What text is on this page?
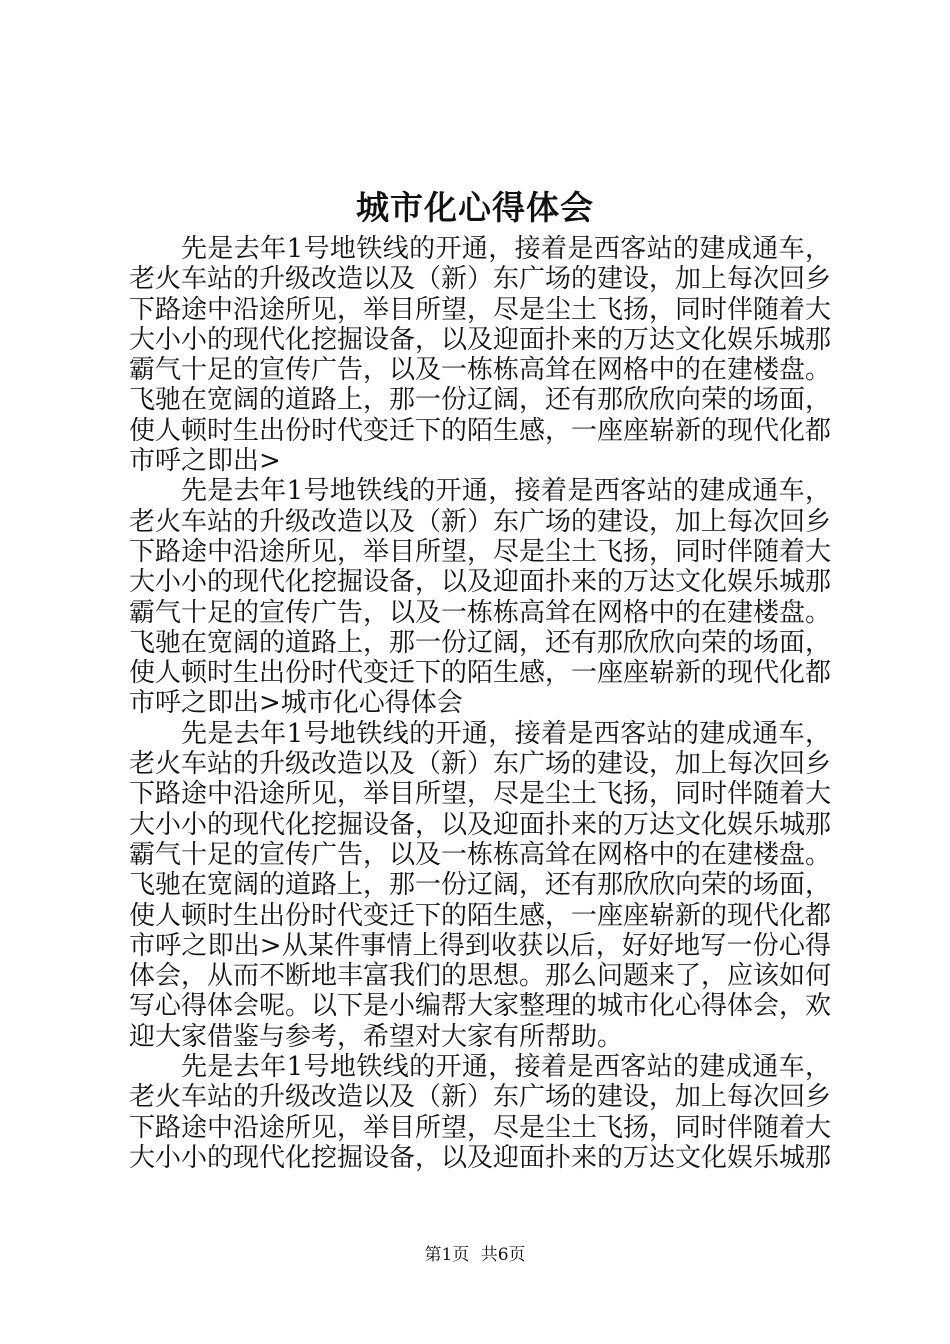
城市化心得体会

先是去年1号地铁线的开通，接着是西客站的建成通车，老火车站的升级改造以及（新）东广场的建设，加上每次回乡下路途中沿途所见，举目所望，尽是尘土飞扬，同时伴随着大大小小的现代化挖掘设备，以及迎面扑来的万达文化娱乐城那霸气十足的宣传广告，以及一栋栋高耸在网格中的在建楼盘。飞驰在宽阔的道路上，那一份辽阔，还有那欣欣向荣的场面，使人顿时生出份时代变迁下的陌生感，一座座崭新的现代化都市呼之即出>

先是去年1号地铁线的开通，接着是西客站的建成通车，老火车站的升级改造以及（新）东广场的建设，加上每次回乡下路途中沿途所见，举目所望，尽是尘土飞扬，同时伴随着大大小小的现代化挖掘设备，以及迎面扑来的万达文化娱乐城那霸气十足的宣传广告，以及一栋栋高耸在网格中的在建楼盘。飞驰在宽阔的道路上，那一份辽阔，还有那欣欣向荣的场面，使人顿时生出份时代变迁下的陌生感，一座座崭新的现代化都市呼之即出>城市化心得体会

先是去年1号地铁线的开通，接着是西客站的建成通车，老火车站的升级改造以及（新）东广场的建设，加上每次回乡下路途中沿途所见，举目所望，尽是尘土飞扬，同时伴随着大大小小的现代化挖掘设备，以及迎面扑来的万达文化娱乐城那霸气十足的宣传广告，以及一栋栋高耸在网格中的在建楼盘。飞驰在宽阔的道路上，那一份辽阔，还有那欣欣向荣的场面，使人顿时生出份时代变迁下的陌生感，一座座崭新的现代化都市呼之即出>从某件事情上得到收获以后，好好地写一份心得体会，从而不断地丰富我们的思想。那么问题来了，应该如何写心得体会呢。以下是小编帮大家整理的城市化心得体会，欢迎大家借鉴与参考，希望对大家有所帮助。

先是去年1号地铁线的开通，接着是西客站的建成通车，老火车站的升级改造以及（新）东广场的建设，加上每次回乡下路途中沿途所见，举目所望，尽是尘土飞扬，同时伴随着大大小小的现代化挖掘设备，以及迎面扑来的万达文化娱乐城那

第1页 共6页
